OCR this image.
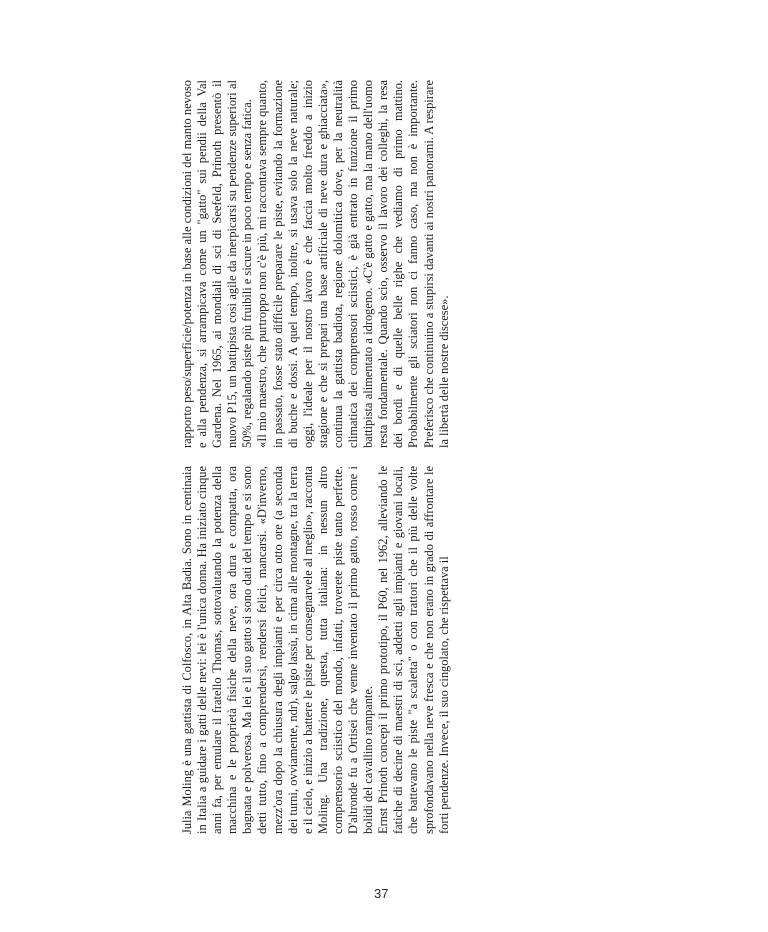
37

Julia Moling è una gattista di Colfosco, in Alta Badia. Sono in centinaia in Italia a guidare i gatti delle nevi: lei è l'unica donna. Ha iniziato cinque anni fa, per emulare il fratello Thomas, sottovalutando la potenza della macchina e le proprietà fisiche della neve, ora dura e compatta, ora bagnata e polverosa. Ma lei e il suo gatto si sono dati del tempo e si sono detti tutto, fino a comprendersi, rendersi felici, mancarsi. «D'inverno, mezz'ora dopo la chiusura degli impianti e per circa otto ore (a seconda dei turni, ovviamente, ndr), salgo lassù, in cima alle montagne, tra la terra e il cielo, e inizio a battere le piste per consegnarvele al meglio», racconta Moling. Una tradizione, questa, tutta italiana: in nessun altro comprensorio sciistico del mondo, infatti, troverete piste tanto perfette. D'altronde fu a Ortisei che venne inventato il primo gatto, rosso come i bolidi del cavallino rampante. Ernst Prinoth concepì il primo prototipo, il P60, nel 1962, alleviando le fatiche di decine di maestri di sci, addetti agli impianti e giovani locali, che battevano le piste "a scaletta" o con trattori che il più delle volte sprofondavano nella neve fresca e che non erano in grado di affrontare le forti pendenze. Invece, il suo cingolato, che rispettava il

rapporto peso/superficie/potenza in base alle condizioni del manto nevoso e alla pendenza, si arrampicava come un "gatto" sui pendii della Val Gardena. Nel 1965, ai mondiali di sci di Seefeld, Prinoth presentò il nuovo P15, un battipista così agile da inerpicarsi su pendenze superiori al 50%, regalando piste più fruibili e sicure in poco tempo e senza fatica. «Il mio maestro, che purtroppo non c'è più, mi raccontava sempre quanto, in passato, fosse stato difficile preparare le piste, evitando la formazione di buche e dossi. A quel tempo, inoltre, si usava solo la neve naturale; oggi, l'ideale per il nostro lavoro è che faccia molto freddo a inizio stagione e che si prepari una base artificiale di neve dura e ghiacciata», continua la gattista badiota, regione dolomitica dove, per la neutralità climatica dei comprensori sciistici, è già entrato in funzione il primo battipista alimentato a idrogeno. «C'è gatto e gatto, ma la mano dell'uomo resta fondamentale. Quando scio, osservo il lavoro dei colleghi, la resa dei bordi e di quelle belle righe che vediamo di primo mattino. Probabilmente gli sciatori non ci fanno caso, ma non è importante. Preferisco che continuino a stupirsi davanti ai nostri panorami. A respirare la libertà delle nostre discese».
